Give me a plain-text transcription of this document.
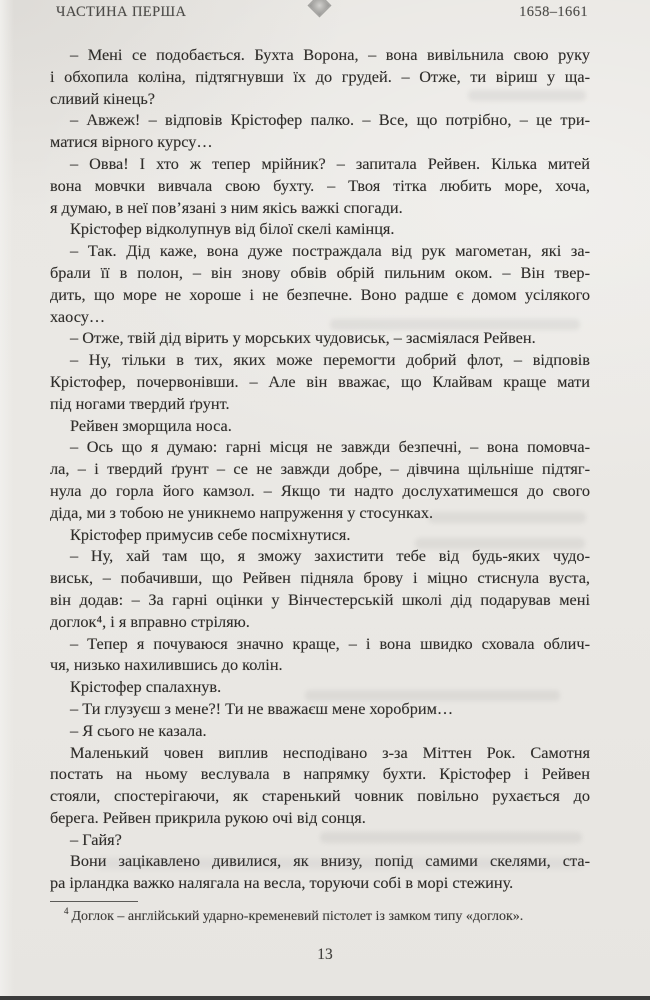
ЧАСТИНА ПЕРША	1658–1661
– Мені се подобається. Бухта Ворона, – вона вивільнила свою руку
і обхопила коліна, підтягнувши їх до грудей. – Отже, ти віриш у ща-
сливий кінець?
– Авжеж! – відповів Крістофер палко. – Все, що потрібно, – це три-
матися вірного курсу…
– Овва! І хто ж тепер мрійник? – запитала Рейвен. Кілька митей
вона мовчки вивчала свою бухту. – Твоя тітка любить море, хоча,
я думаю, в неї пов’язані з ним якісь важкі спогади.
Крістофер відколупнув від білої скелі камінця.
– Так. Дід каже, вона дуже постраждала від рук магометан, які за-
брали її в полон, – він знову обвів обрій пильним оком. – Він твер-
дить, що море не хороше і не безпечне. Воно радше є домом усілякого
хаосу…
– Отже, твій дід вірить у морських чудовиськ, – засміялася Рейвен.
– Ну, тільки в тих, яких може перемогти добрий флот, – відповів
Крістофер, почервонівши. – Але він вважає, що Клайвам краще мати
під ногами твердий ґрунт.
Рейвен зморщила носа.
– Ось що я думаю: гарні місця не завжди безпечні, – вона помовча-
ла, – і твердий ґрунт – се не завжди добре, – дівчина щільніше підтяг-
нула до горла його камзол. – Якщо ти надто дослухатимешся до свого
діда, ми з тобою не уникнемо напруження у стосунках.
Крістофер примусив себе посміхнутися.
– Ну, хай там що, я зможу захистити тебе від будь-яких чудо-
виськ, – побачивши, що Рейвен підняла брову і міцно стиснула вуста,
він додав: – За гарні оцінки у Вінчестерській школі дід подарував мені
доглок⁴, і я вправно стріляю.
– Тепер я почуваюся значно краще, – і вона швидко сховала облич-
чя, низько нахилившись до колін.
Крістофер спалахнув.
– Ти глузуєш з мене?! Ти не вважаєш мене хоробрим…
– Я сього не казала.
Маленький човен виплив несподівано з-за Міттен Рок. Самотня
постать на ньому веслувала в напрямку бухти. Крістофер і Рейвен
стояли, спостерігаючи, як старенький човник повільно рухається до
берега. Рейвен прикрила рукою очі від сонця.
– Гайя?
Вони зацікавлено дивилися, як внизу, попід самими скелями, ста-
ра ірландка важко налягала на весла, торуючи собі в морі стежину.
$^4$ Доглок – англійський ударно-кременевий пістолет із замком типу «доглок».
13
